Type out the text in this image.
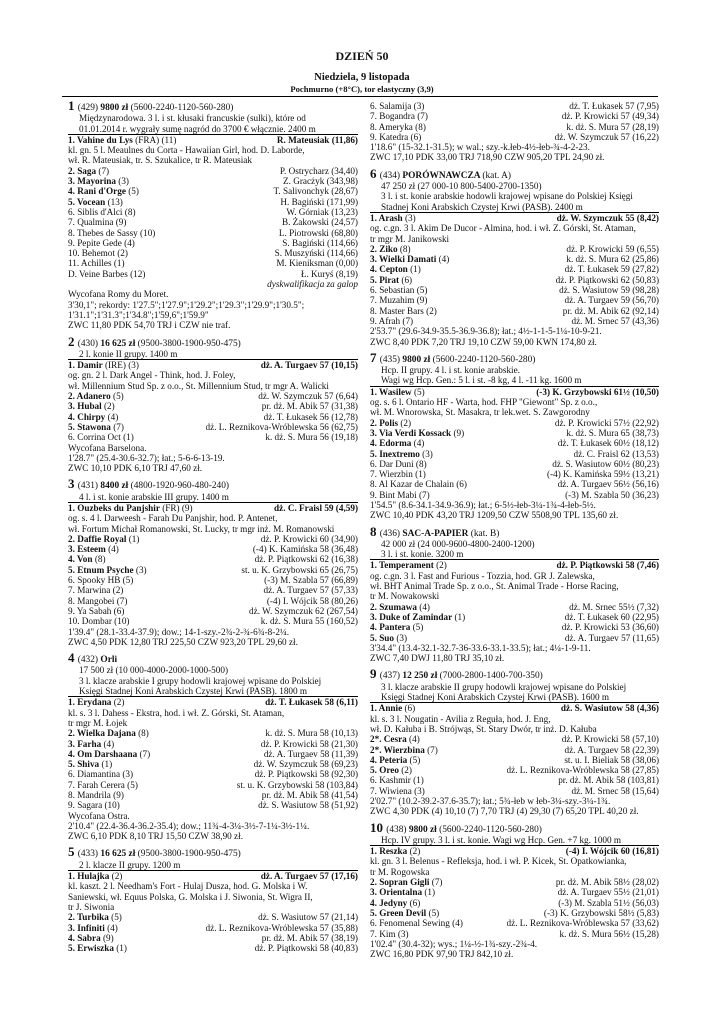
DZIEŃ 50
Niedziela, 9 listopada
Pochmurno (+8°C), tor elastyczny (3,9)
1 (429) 9800 zł (5600-2240-1120-560-280)
Międzynarodowa. 3 l. i st. kłusaki francuskie (sulki), które od
01.01.2014 r. wygrały sumę nagród do 3700 € włącznie. 2400 m
1. Vahine du Lys (FRA) (11)	R. Mateusiak (11,86)
kl. gn. 5 l. Meaulnes du Corta - Hawaiian Girl, hod. D. Laborde,
wł. R. Mateusiak, tr. S. Szukalice, tr R. Mateusiak
2. Saga (7)	P. Ostrycharz (34,40)
3. Mayorina (3)	Z. Gracżyk (343,98)
4. Rani d'Orge (5)	T. Salivonchyk (28,67)
5. Vocean (13)	H. Bagiński (171,99)
6. Siblis d'Alci (8)	W. Górniak (13,23)
7. Qualmina (9)	B. Żakowski (24,57)
8. Thebes de Sassy (10)	L. Piotrowski (68,80)
9. Pepite Gede (4)	S. Bagiński (114,66)
10. Behemot (2)	S. Muszyński (114,66)
11. Achilles (1)	M. Kieniksman (0,00)
D. Veine Barbes (12)	Ł. Kuryś (8,19)
dyskwalifikacja za galop
Wycofana Romy du Moret.
3'30,1"; rekordy: 1'27.5";1'27.9";1'29.2";1'29.3";1'29.9";1'30.5";
1'31.1";1'31.3";1'34.8";1'59,6";1'59.9"
ZWC 11,80 PDK 54,70 TRJ i CZW nie traf.
2 (430) 16 625 zł (9500-3800-1900-950-475)
2 l. konie II grupy. 1400 m
1. Damir (IRE) (3)	dż. A. Turgaev 57 (10,15)
og. gn. 2 l. Dark Angel - Think, hod. J. Foley,
wł. Millennium Stud Sp. z o.o., St. Millennium Stud, tr mgr A. Walicki
2. Adanero (5)	dż. W. Szymczuk 57 (6,64)
3. Hubal (2)	pr. dż. M. Abik 57 (31,38)
4. Chirpy (4)	dż. T. Łukasek 56 (12,78)
5. Stawona (7)	dż. L. Reznikova-Wróblewska 56 (62,75)
6. Corrina Oct (1)	k. dż. S. Mura 56 (19,18)
Wycofana Barselona.
1'28.7" (25.4-30.6-32.7); łat.; 5-6-6-13-19.
ZWC 10,10 PDK 6,10 TRJ 47,60 zł.
3 (431) 8400 zł (4800-1920-960-480-240)
4 l. i st. konie arabskie III grupy. 1400 m
1. Ouzbeks du Panjshir (FR) (9)	dż. C. Fraisl 59 (4,59)
og. s. 4 l. Darweesh - Farah Du Panjshir, hod. P. Antenet,
wł. Fortum Michał Romanowski, St. Lucky, tr mgr inż. M. Romanowski
2. Daffie Royal (1)	dż. P. Krowicki 60 (34,90)
3. Esteem (4)	(-4) K. Kamińska 58 (36,48)
4. Von (8)	dż. P. Piątkowski 62 (16,38)
5. Etnum Psyche (3)	st. u. K. Grzybowski 65 (26,75)
6. Spooky HB (5)	(-3) M. Szabla 57 (66,89)
7. Marwina (2)	dż. A. Turgaev 57 (57,33)
8. Mangobei (7)	(-4) I. Wójcik 58 (80,26)
9. Ya Sabah (6)	dż. W. Szymczuk 62 (267,54)
10. Dombar (10)	k. dż. S. Mura 55 (160,52)
1'39.4" (28.1-33.4-37.9); dow.; 14-1-szy.-2¾-2-¾-6¾-8-2¼.
ZWC 4,50 PDK 12,80 TRJ 225,50 CZW 923,20 TPL 29,60 zł.
4 (432) Orli
17 500 zł (10 000-4000-2000-1000-500)
3 l. klacze arabskie I grupy hodowli krajowej wpisane do Polskiej
Księgi Stadnej Koni Arabskich Czystej Krwi (PASB). 1800 m
1. Erydana (2)	dż. T. Łukasek 58 (6,11)
kl. s. 3 l. Dahess - Ekstra, hod. i wł. Z. Górski, St. Ataman,
tr mgr M. Łojek
2. Wielka Dajana (8)	k. dż. S. Mura 58 (10,13)
3. Farha (4)	dż. P. Krowicki 58 (21,30)
4. Om Darshaana (7)	dż. A. Turgaev 58 (11,39)
5. Shiva (1)	dż. W. Szymczuk 58 (69,23)
6. Diamantina (3)	dż. P. Piątkowski 58 (92,30)
7. Farah Cerera (5)	st. u. K. Grzybowski 58 (103,84)
8. Mandrila (9)	pr. dż. M. Abik 58 (41,54)
9. Sagara (10)	dż. S. Wasiutow 58 (51,92)
Wycofana Ostra.
2'10.4" (22.4-36.4-36.2-35.4); dow.; 11¾-4-3¼-3½-7-1¼-3½-1¼.
ZWC 6,10 PDK 8,10 TRJ 15,50 CZW 38,90 zł.
5 (433) 16 625 zł (9500-3800-1900-950-475)
2 l. klacze II grupy. 1200 m
1. Hulajka (2)	dż. A. Turgaev 57 (17,16)
kl. kaszt. 2 l. Needham's Fort - Hulaj Dusza, hod. G. Molska i W.
Saniewski, wł. Equus Polska, G. Molska i J. Siwonia, St. Wigra II,
tr J. Siwonia
2. Turbika (5)	dż. S. Wasiutow 57 (21,14)
3. Infiniti (4)	dż. L. Reznikova-Wróblewska 57 (35,88)
4. Sabra (9)	pr. dż. M. Abik 57 (38,19)
5. Erwiszka (1)	dż. P. Piątkowski 58 (40,83)
6. Salamija (3)	dż. T. Łukasek 57 (7,95)
7. Bogandra (7)	dż. P. Krowicki 57 (49,34)
8. Ameryka (8)	k. dż. S. Mura 57 (28,19)
9. Katedra (6)	dż. W. Szymczuk 57 (16,22)
1'18.6" (15-32.1-31.5); w wal.; szy.-k.łeb-4½-łeb-¾-4-2-23.
ZWC 17,10 PDK 33,00 TRJ 718,90 CZW 905,20 TPL 24,90 zł.
6 (434) PORÓWNAWCZA (kat. A)
47 250 zł (27 000-10 800-5400-2700-1350)
3 l. i st. konie arabskie hodowli krajowej wpisane do Polskiej Księgi
Stadnej Koni Arabskich Czystej Krwi (PASB). 2400 m
1. Arash (3)	dż. W. Szymczuk 55 (8,42)
og. c.gn. 3 l. Akim De Ducor - Almina, hod. i wł. Z. Górski, St. Ataman,
tr mgr M. Janikowski
2. Ziko (8)	dż. P. Krowicki 59 (6,55)
3. Wielki Damati (4)	k. dż. S. Mura 62 (25,86)
4. Cepton (1)	dż. T. Łukasek 59 (27,82)
5. Pirat (6)	dż. P. Piątkowski 62 (50,83)
6. Sebastian (5)	dż. S. Wasiutow 59 (98,28)
7. Muzahim (9)	dż. A. Turgaev 59 (56,70)
8. Master Bars (2)	pr. dż. M. Abik 62 (92,14)
9. Afrah (7)	dż. M. Srnec 57 (43,36)
2'53.7" (29.6-34.9-35.5-36.9-36.8); łat.; 4½-1-1-5-1¼-10-9-21.
ZWC 8,40 PDK 7,20 TRJ 19,10 CZW 59,00 KWN 174,80 zł.
7 (435) 9800 zł (5600-2240-1120-560-280)
Hcp. II grupy. 4 l. i st. konie arabskie.
Wagi wg Hcp. Gen.: 5 l. i st. -8 kg, 4 l. -11 kg. 1600 m
1. Wasilew (5)	(-3) K. Grzybowski 61½ (10,50)
og. s. 6 l. Ontario HF - Warta, hod. FHP "Giewont" Sp. z o.o.,
wł. M. Wnorowska, St. Masakra, tr lek.wet. S. Zawgorodny
2. Polis (2)	dż. P. Krowicki 57½ (22,92)
3. Via Verdi Kossack (9)	k. dż. S. Mura 65 (38,73)
4. Edorma (4)	dż. T. Łukasek 60½ (18,12)
5. Inextremo (3)	dż. C. Fraisl 62 (13,53)
6. Dar Duni (8)	dż. S. Wasiutow 60½ (80,23)
7. Wierzbin (1)	(-4) K. Kamińska 59½ (13,21)
8. Al Kazar de Chalain (6)	dż. A. Turgaev 56½ (56,16)
9. Bint Mabi (7)	(-3) M. Szabla 50 (36,23)
1'54.5" (8.6-34.1-34.9-36.9); łat.; 6-5½-łeb-3¼-1¾-4-łeb-5½.
ZWC 10,40 PDK 43,20 TRJ 1209,50 CZW 5508,90 TPL 135,60 zł.
8 (436) SAC-A-PAPIER (kat. B)
42 000 zł (24 000-9600-4800-2400-1200)
3 l. i st. konie. 3200 m
1. Temperament (2)	dż. P. Piątkowski 58 (7,46)
og. c.gn. 3 l. Fast and Furious - Tozzia, hod. GR J. Zalewska,
wł. BHT Animal Trade Sp. z o.o., St. Animal Trade - Horse Racing,
tr M. Nowakowski
2. Szumawa (4)	dż. M. Srnec 55½ (7,32)
3. Duke of Zamindar (1)	dż. T. Łukasek 60 (22,95)
4. Pantera (5)	dż. P. Krowicki 53 (36,60)
5. Suo (3)	dż. A. Turgaev 57 (11,65)
3'34.4" (13.4-32.1-32.7-36-33.6-33.1-33.5); łat.; 4¼-1-9-11.
ZWC 7,40 DWJ 11,80 TRJ 35,10 zł.
9 (437) 12 250 zł (7000-2800-1400-700-350)
3 l. klacze arabskie II grupy hodowli krajowej wpisane do Polskiej
Księgi Stadnej Koni Arabskich Czystej Krwi (PASB). 1600 m
1. Annie (6)	dż. S. Wasiutow 58 (4,36)
kl. s. 3 l. Nougatin - Avilia z Reguła, hod. J. Eng,
wł. D. Kałuba i B. Strójwąs, St. Stary Dwór, tr inż. D. Kałuba
2*. Cesra (4)	dż. P. Krowicki 58 (57,10)
2*. Wierzbina (7)	dż. A. Turgaev 58 (22,39)
4. Peteria (5)	st. u. I. Bieliak 58 (38,06)
5. Oreo (2)	dż. L. Reznikova-Wróblewska 58 (27,85)
6. Kashmir (1)	pr. dż. M. Abik 58 (103,81)
7. Wiwiena (3)	dż. M. Srnec 58 (15,64)
2'02.7" (10.2-39.2-37.6-35.7); łat.; 5¾-łeb w łeb-3¼-szy.-3¼-1¾.
ZWC 4,30 PDK (4) 10,10 (7) 7,70 TRJ (4) 29,30 (7) 65,20 TPL 40,20 zł.
10 (438) 9800 zł (5600-2240-1120-560-280)
Hcp. IV grupy. 3 l. i st. konie. Wagi wg Hcp. Gen. +7 kg. 1000 m
1. Reszka (2)	(-4) I. Wójcik 60 (16,81)
kl. gn. 3 l. Belenus - Refleksja, hod. i wł. P. Kicek, St. Opatkowianka,
tr M. Rogowska
2. Sopran Gigli (7)	pr. dż. M. Abik 58½ (28,02)
3. Orientalna (1)	dż. A. Turgaev 55½ (21,01)
4. Jedyny (6)	(-3) M. Szabla 51½ (56,03)
5. Green Devil (5)	(-3) K. Grzybowski 58½ (5,83)
6. Fenomenal Sewing (4)	dż. L. Reznikova-Wróblewska 57 (33,62)
7. Kim (3)	k. dż. S. Mura 56½ (15,28)
1'02.4" (30.4-32); wys.; 1¼-½-1¾-szy.-2¾-4.
ZWC 16,80 PDK 97,90 TRJ 842,10 zł.
